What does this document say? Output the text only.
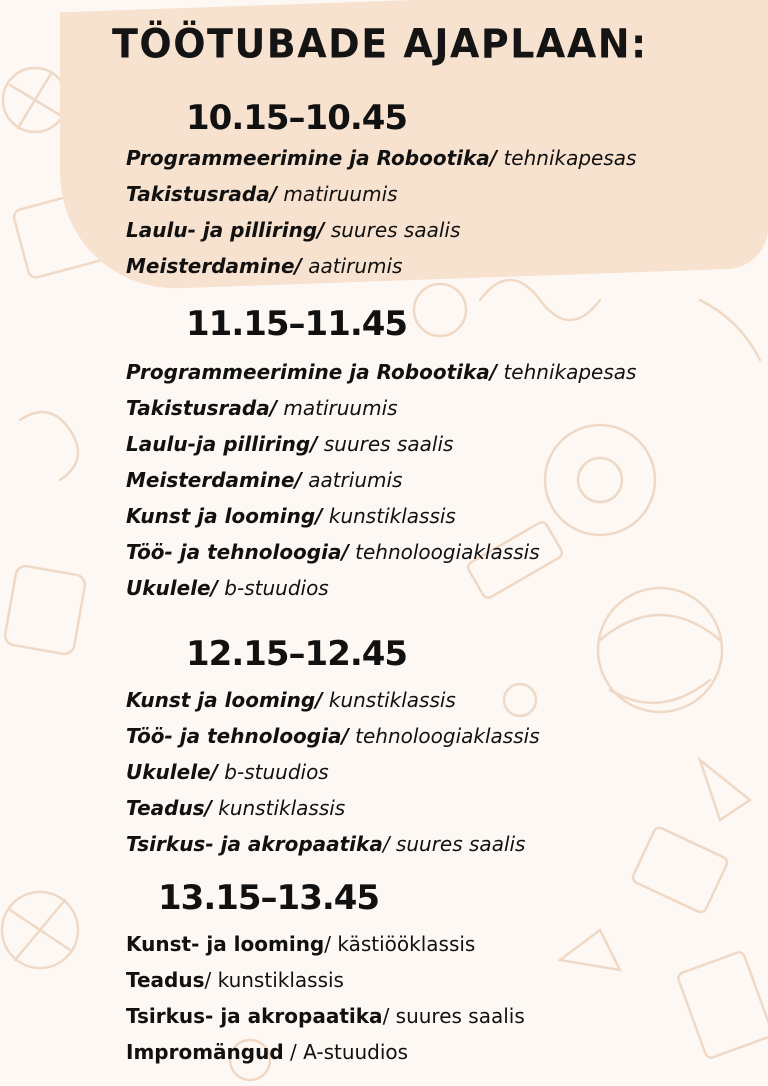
TÖÖTUBADE AJAPLAAN:
10.15–10.45
Programmeerimine ja Robootika/ tehnikapesas
Takistusrada/ matiruumis
Laulu- ja pilliring/ suures saalis
Meisterdamine/ aatirumis
11.15–11.45
Programmeerimine ja Robootika/ tehnikapesas
Takistusrada/ matiruumis
Laulu-ja pilliring/ suures saalis
Meisterdamine/ aatriumis
Kunst ja looming/ kunstiklassis
Töö- ja tehnoloogia/ tehnoloogiaklassis
Ukulele/ b-stuudios
12.15–12.45
Kunst ja looming/ kunstiklassis
Töö- ja tehnoloogia/ tehnoloogiaklassis
Ukulele/ b-stuudios
Teadus/ kunstiklassis
Tsirkus- ja akropaatika/ suures saalis
13.15–13.45
Kunst- ja looming/ kästiööklassis
Teadus/ kunstiklassis
Tsirkus- ja akropaatika/ suures saalis
Impromängud / A-stuudios
